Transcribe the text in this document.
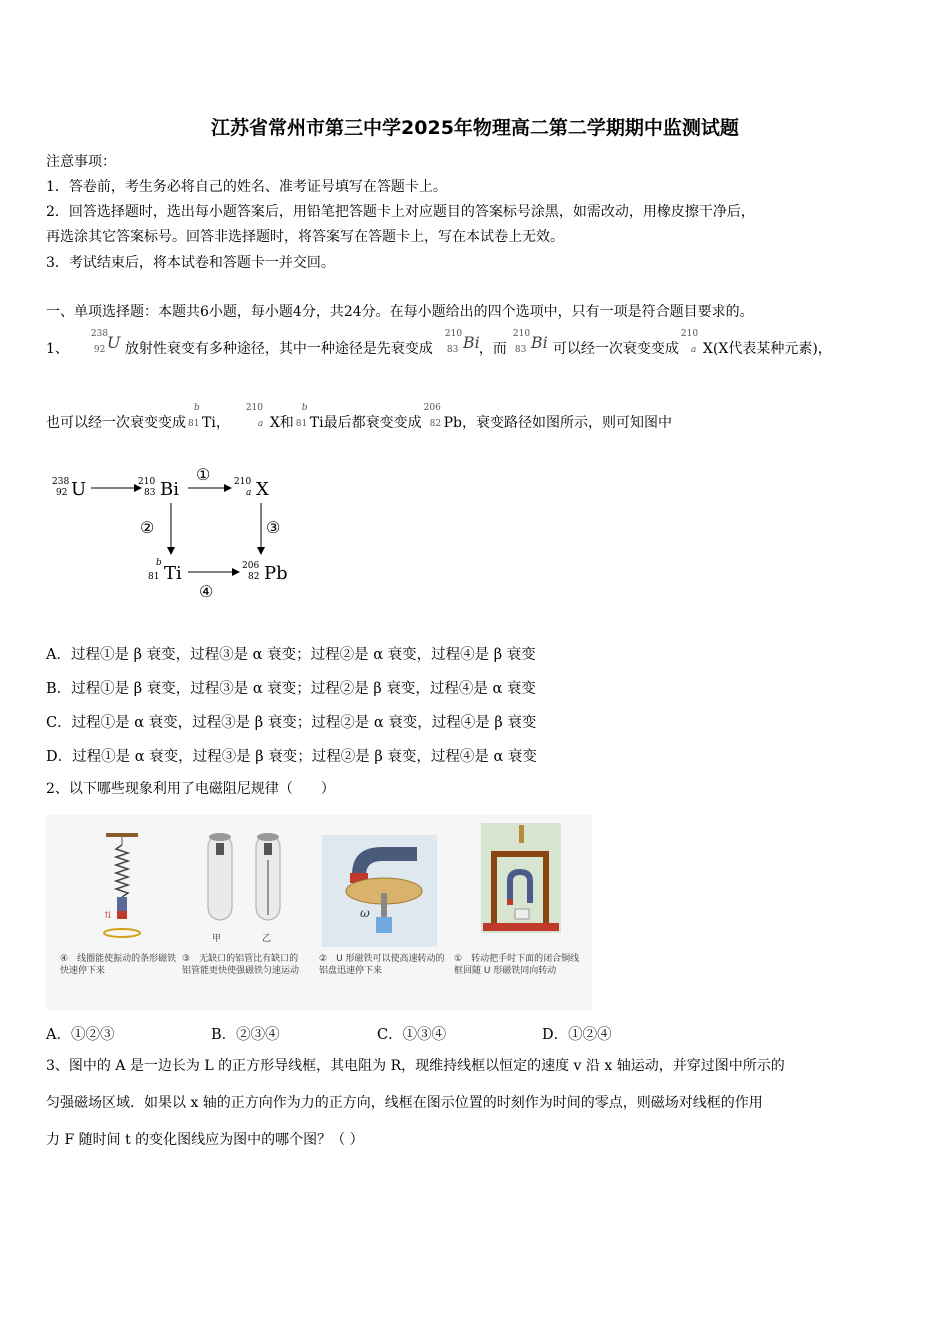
江苏省常州市第三中学2025年物理高二第二学期期中监测试题
注意事项：
1．答卷前，考生务必将自己的姓名、准考证号填写在答题卡上。
2．回答选择题时，选出每小题答案后，用铅笔把答题卡上对应题目的答案标号涂黑，如需改动，用橡皮擦干净后，
再选涂其它答案标号。回答非选择题时，将答案写在答题卡上，写在本试卷上无效。
3．考试结束后，将本试卷和答题卡一并交回。
一、单项选择题：本题共6小题，每小题4分，共24分。在每小题给出的四个选项中，只有一项是符合题目要求的。
1、
238
92 U 放射性衰变有多种途径，其中一种途径是先衰变成
210
83 Bi ，而
210
83 Bi 可以经一次衰变变成
210
a X(X代表某种元素)，
也可以经一次衰变变成
b
81 Ti，
210
a X和
b
81 Ti最后都衰变变成
206
82 Pb，衰变路径如图所示，则可知图中
238
92 U	210
83 Bi
①	210
a X
②	③
b
81 Ti
④
206
82 Pb
A．过程①是 β 衰变，过程③是 α 衰变；过程②是 α 衰变，过程④是 β 衰变
B．过程①是 β 衰变，过程③是 α 衰变；过程②是 β 衰变，过程④是 α 衰变
C．过程①是 α 衰变，过程③是 β 衰变；过程②是 α 衰变，过程④是 β 衰变
D．过程①是 α 衰变，过程③是 β 衰变；过程②是 β 衰变，过程④是 α 衰变
2、以下哪些现象利用了电磁阻尼规律（　　）
⇅
甲	乙
ω
④　线圈能使振动的条形磁铁快速停下来
③　无缺口的铝管比有缺口的铝管能更快使强磁铁匀速运动
②　U 形磁铁可以使高速转动的铝盘迅速停下来
①　转动把手时下面的闭合铜线框回随 U 形磁铁同向转动
A．①②③	B．②③④	C．①③④	D．①②④
3、图中的 A 是一边长为 L 的正方形导线框，其电阻为 R，现维持线框以恒定的速度 v 沿 x 轴运动，并穿过图中所示的
匀强磁场区域．如果以 x 轴的正方向作为力的正方向，线框在图示位置的时刻作为时间的零点，则磁场对线框的作用
力 F 随时间 t 的变化图线应为图中的哪个图？（ ）
